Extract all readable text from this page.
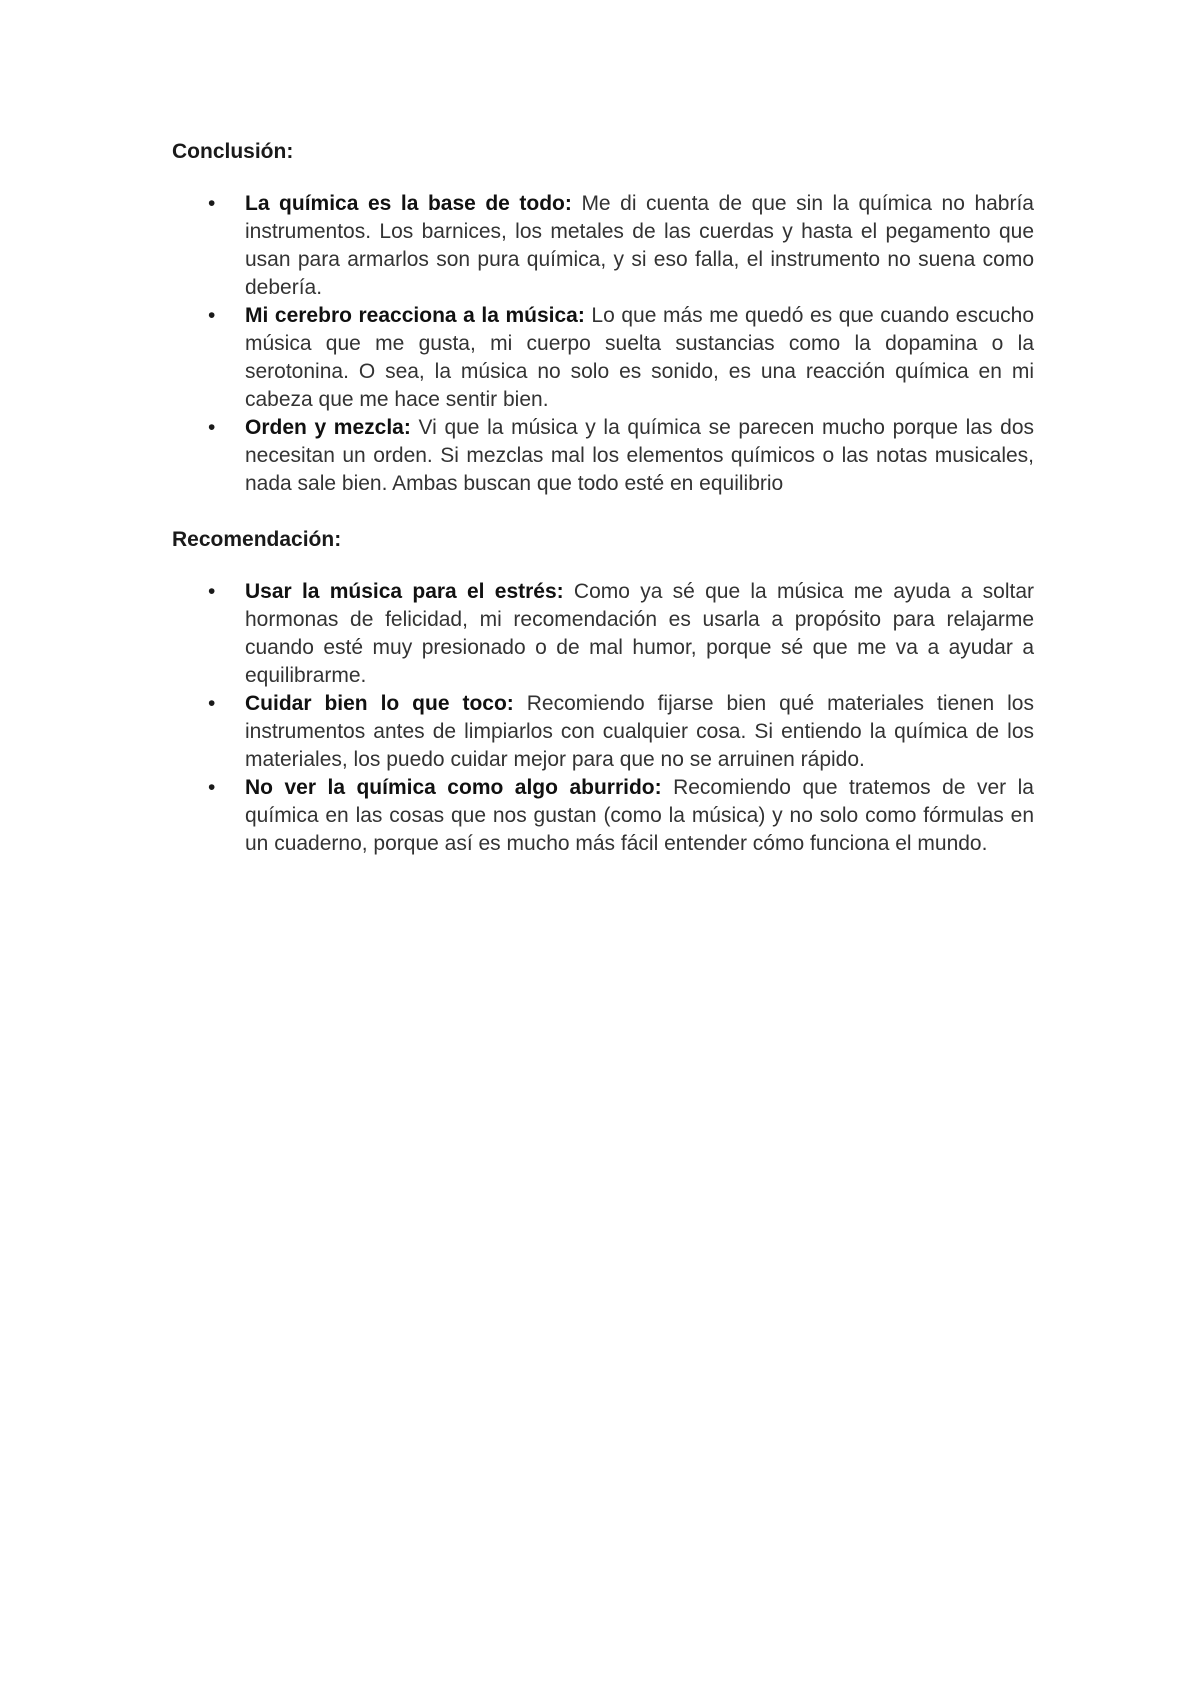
Conclusión:
• La química es la base de todo: Me di cuenta de que sin la química no habría instrumentos. Los barnices, los metales de las cuerdas y hasta el pegamento que usan para armarlos son pura química, y si eso falla, el instrumento no suena como debería.
• Mi cerebro reacciona a la música: Lo que más me quedó es que cuando escucho música que me gusta, mi cuerpo suelta sustancias como la dopamina o la serotonina. O sea, la música no solo es sonido, es una reacción química en mi cabeza que me hace sentir bien.
• Orden y mezcla: Vi que la música y la química se parecen mucho porque las dos necesitan un orden. Si mezclas mal los elementos químicos o las notas musicales, nada sale bien. Ambas buscan que todo esté en equilibrio
Recomendación:
• Usar la música para el estrés: Como ya sé que la música me ayuda a soltar hormonas de felicidad, mi recomendación es usarla a propósito para relajarme cuando esté muy presionado o de mal humor, porque sé que me va a ayudar a equilibrarme.
• Cuidar bien lo que toco: Recomiendo fijarse bien qué materiales tienen los instrumentos antes de limpiarlos con cualquier cosa. Si entiendo la química de los materiales, los puedo cuidar mejor para que no se arruinen rápido.
• No ver la química como algo aburrido: Recomiendo que tratemos de ver la química en las cosas que nos gustan (como la música) y no solo como fórmulas en un cuaderno, porque así es mucho más fácil entender cómo funciona el mundo.
